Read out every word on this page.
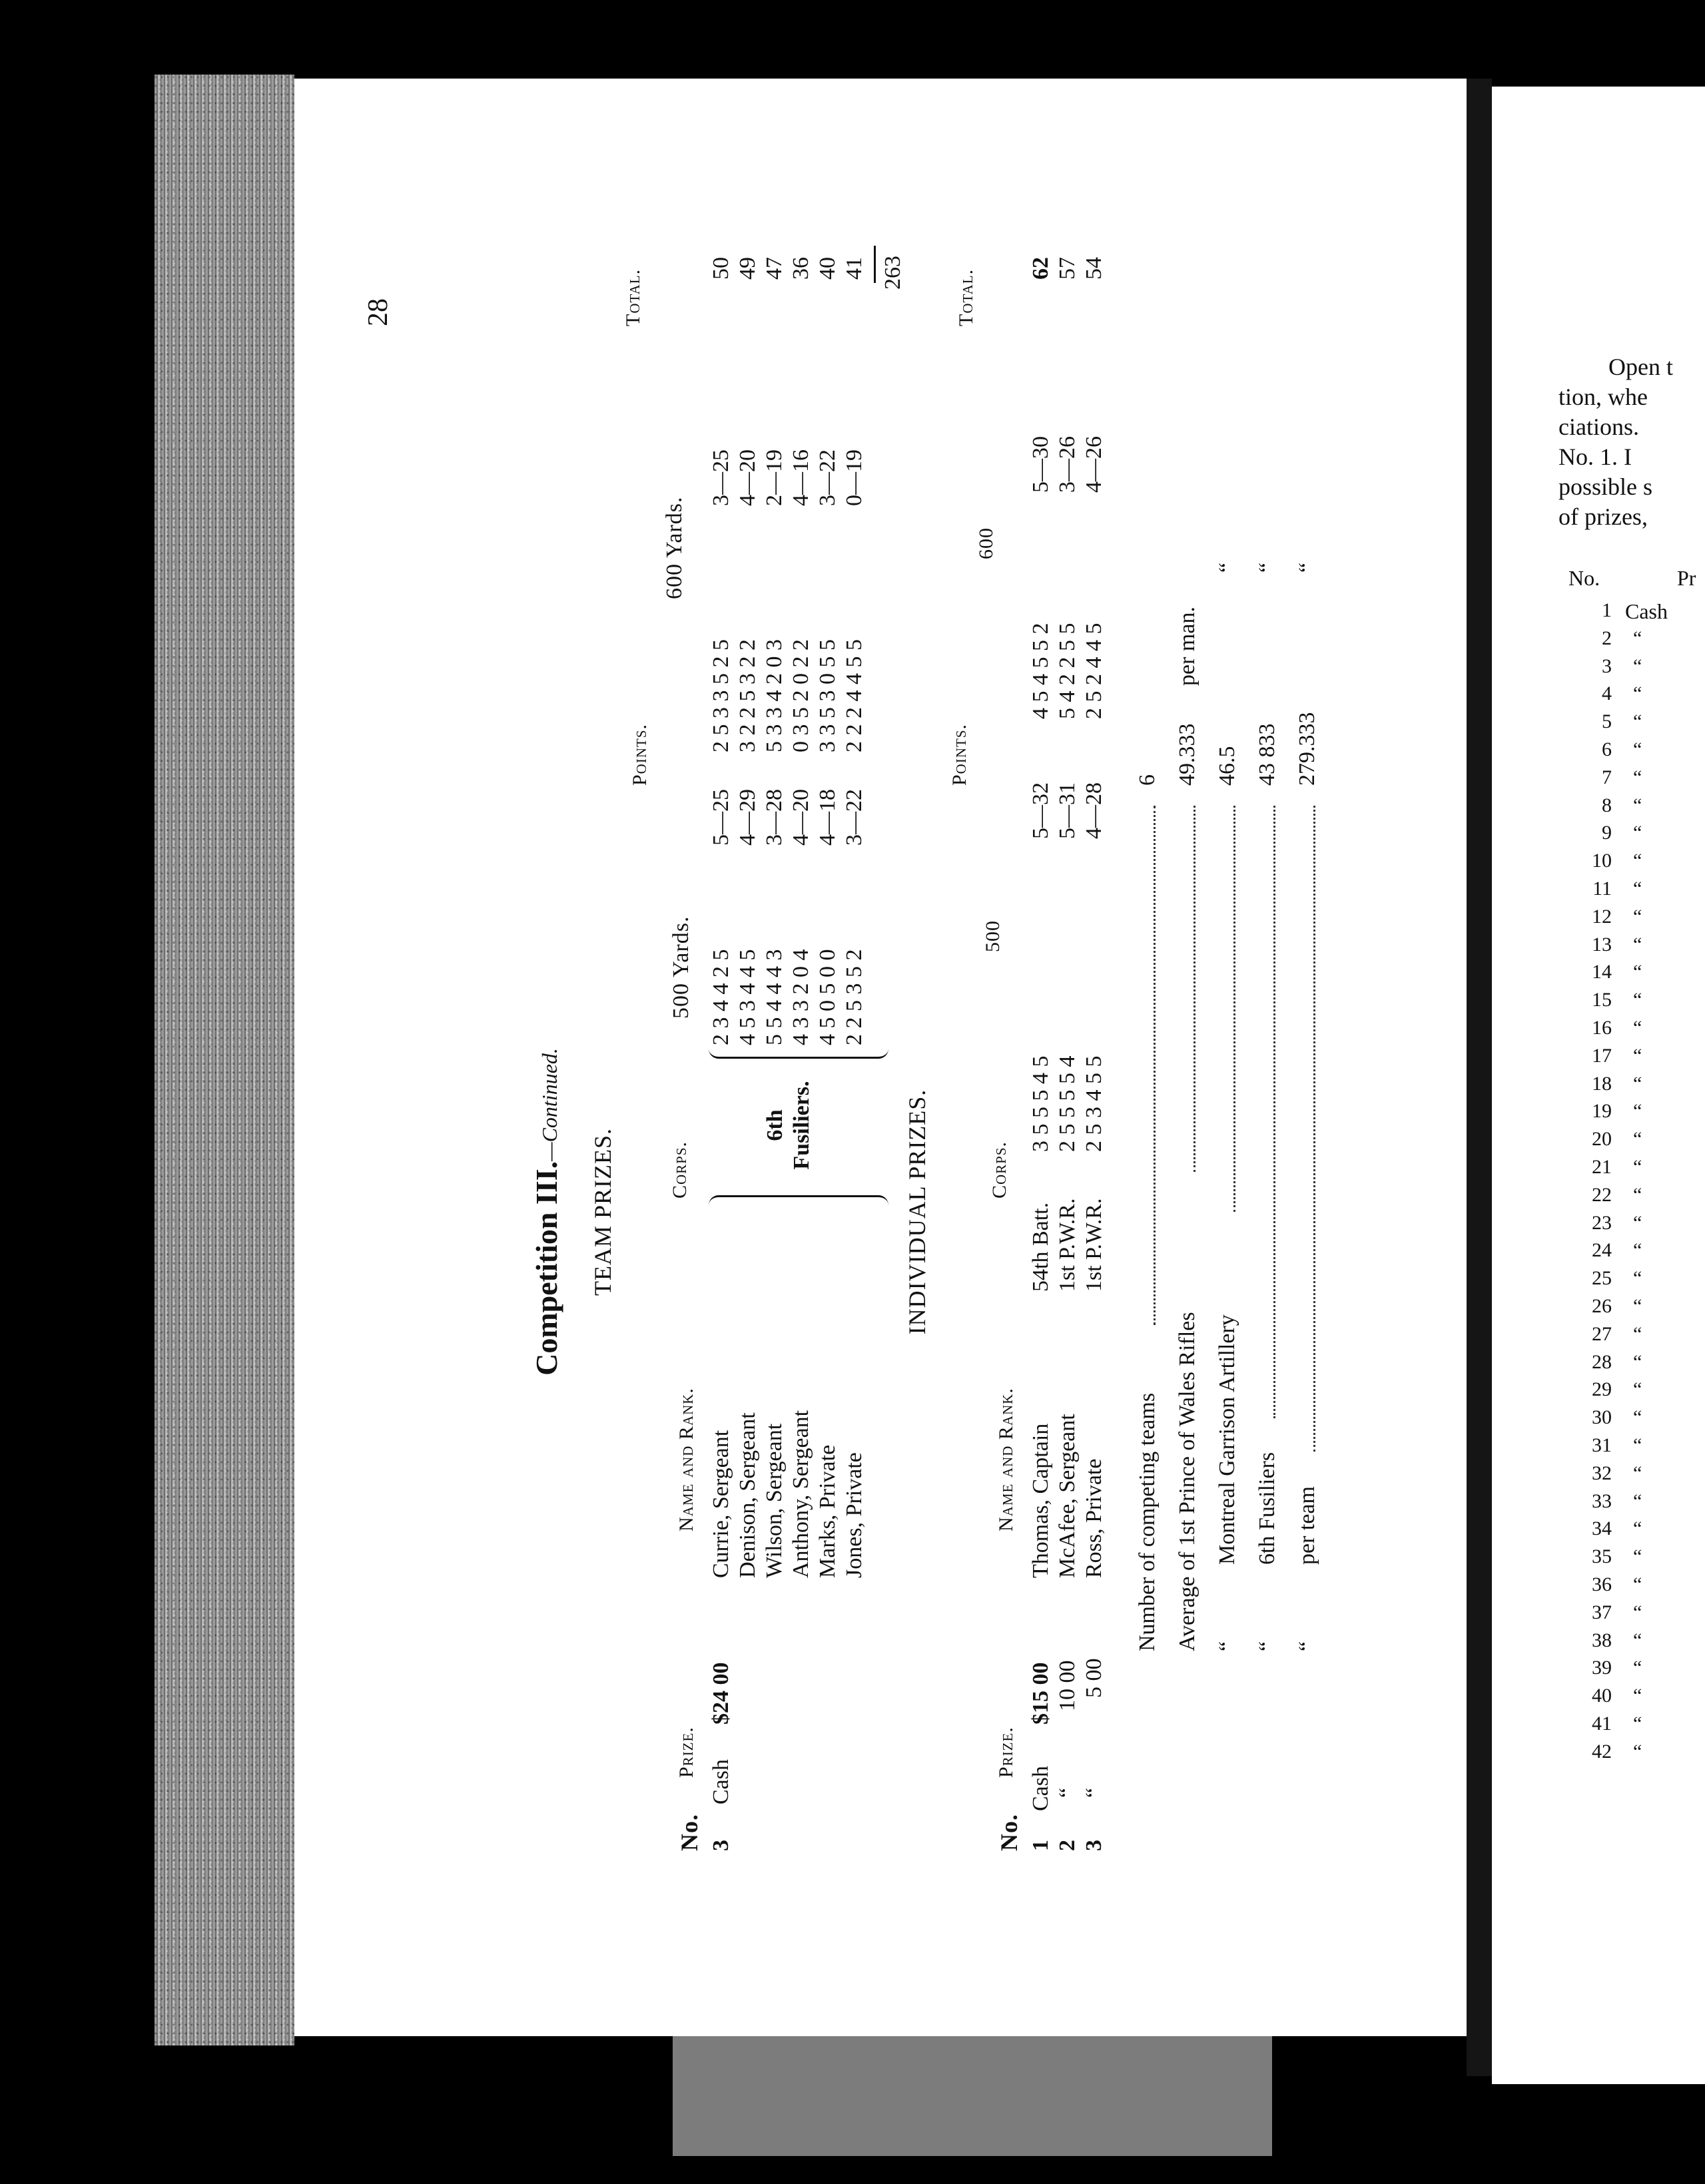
28
Competition III.—Continued.
TEAM PRIZES.
No.
Prize.
Name and Rank.
Corps.
Points.
500 Yards.
600 Yards.
Total.
3
Cash
$24 00
6th Fusiliers.
Currie, Sergeant
2 3 4 4 2 5
5—25
2 5 3 3 5 2 5
3—25
50
Denison, Sergeant
4 5 3 4 4 5
4—29
3 2 2 5 3 2 2
4—20
49
Wilson, Sergeant
5 5 4 4 4 3
3—28
5 3 3 4 2 0 3
2—19
47
Anthony, Sergeant
4 3 3 2 0 4
4—20
0 3 5 2 0 2 2
4—16
36
Marks, Private
4 5 0 5 0 0
4—18
3 3 5 3 0 5 5
3—22
40
Jones, Private
2 2 5 3 5 2
3—22
2 2 2 4 4 5 5
0—19
41 263
INDIVIDUAL PRIZES.
No.
Prize.
Name and Rank.
Corps.
Points.
500
600
Total.
1
Cash
$15 00
Thomas, Captain
54th Batt.
3 5 5 5 4 5
5—32
4 5 4 5 5 2
5—30
62
2
“
10 00
McAfee, Sergeant
1st P.W.R.
2 5 5 5 5 4
5—31
5 4 2 2 5 5
3—26
57
3
“
5 00
Ross, Private
1st P.W.R.
2 5 3 4 5 5
4—28
2 5 2 4 4 5
4—26
54
Number of competing teams
6
Average of 1st Prince of Wales Rifles
49.333
per man.
“
Montreal Garrison Artillery
46.5
“
“
6th Fusiliers
43 833
“
“
per team
279.333
“
Open t
tion, whe
ciations.
No. 1. I
possible s
of prizes,
No.	Pr
Cash
1
2 “
3 “
4 “
5 “
6 “
7 “
8 “
9 “
10 “
11 “
12 “
13 “
14 “
15 “
16 “
17 “
18 “
19 “
20 “
21 “
22 “
23 “
24 “
25 “
26 “
27 “
28 “
29 “
30 “
31 “
32 “
33 “
34 “
35 “
36 “
37 “
38 “
39 “
40 “
41 “
42 “
